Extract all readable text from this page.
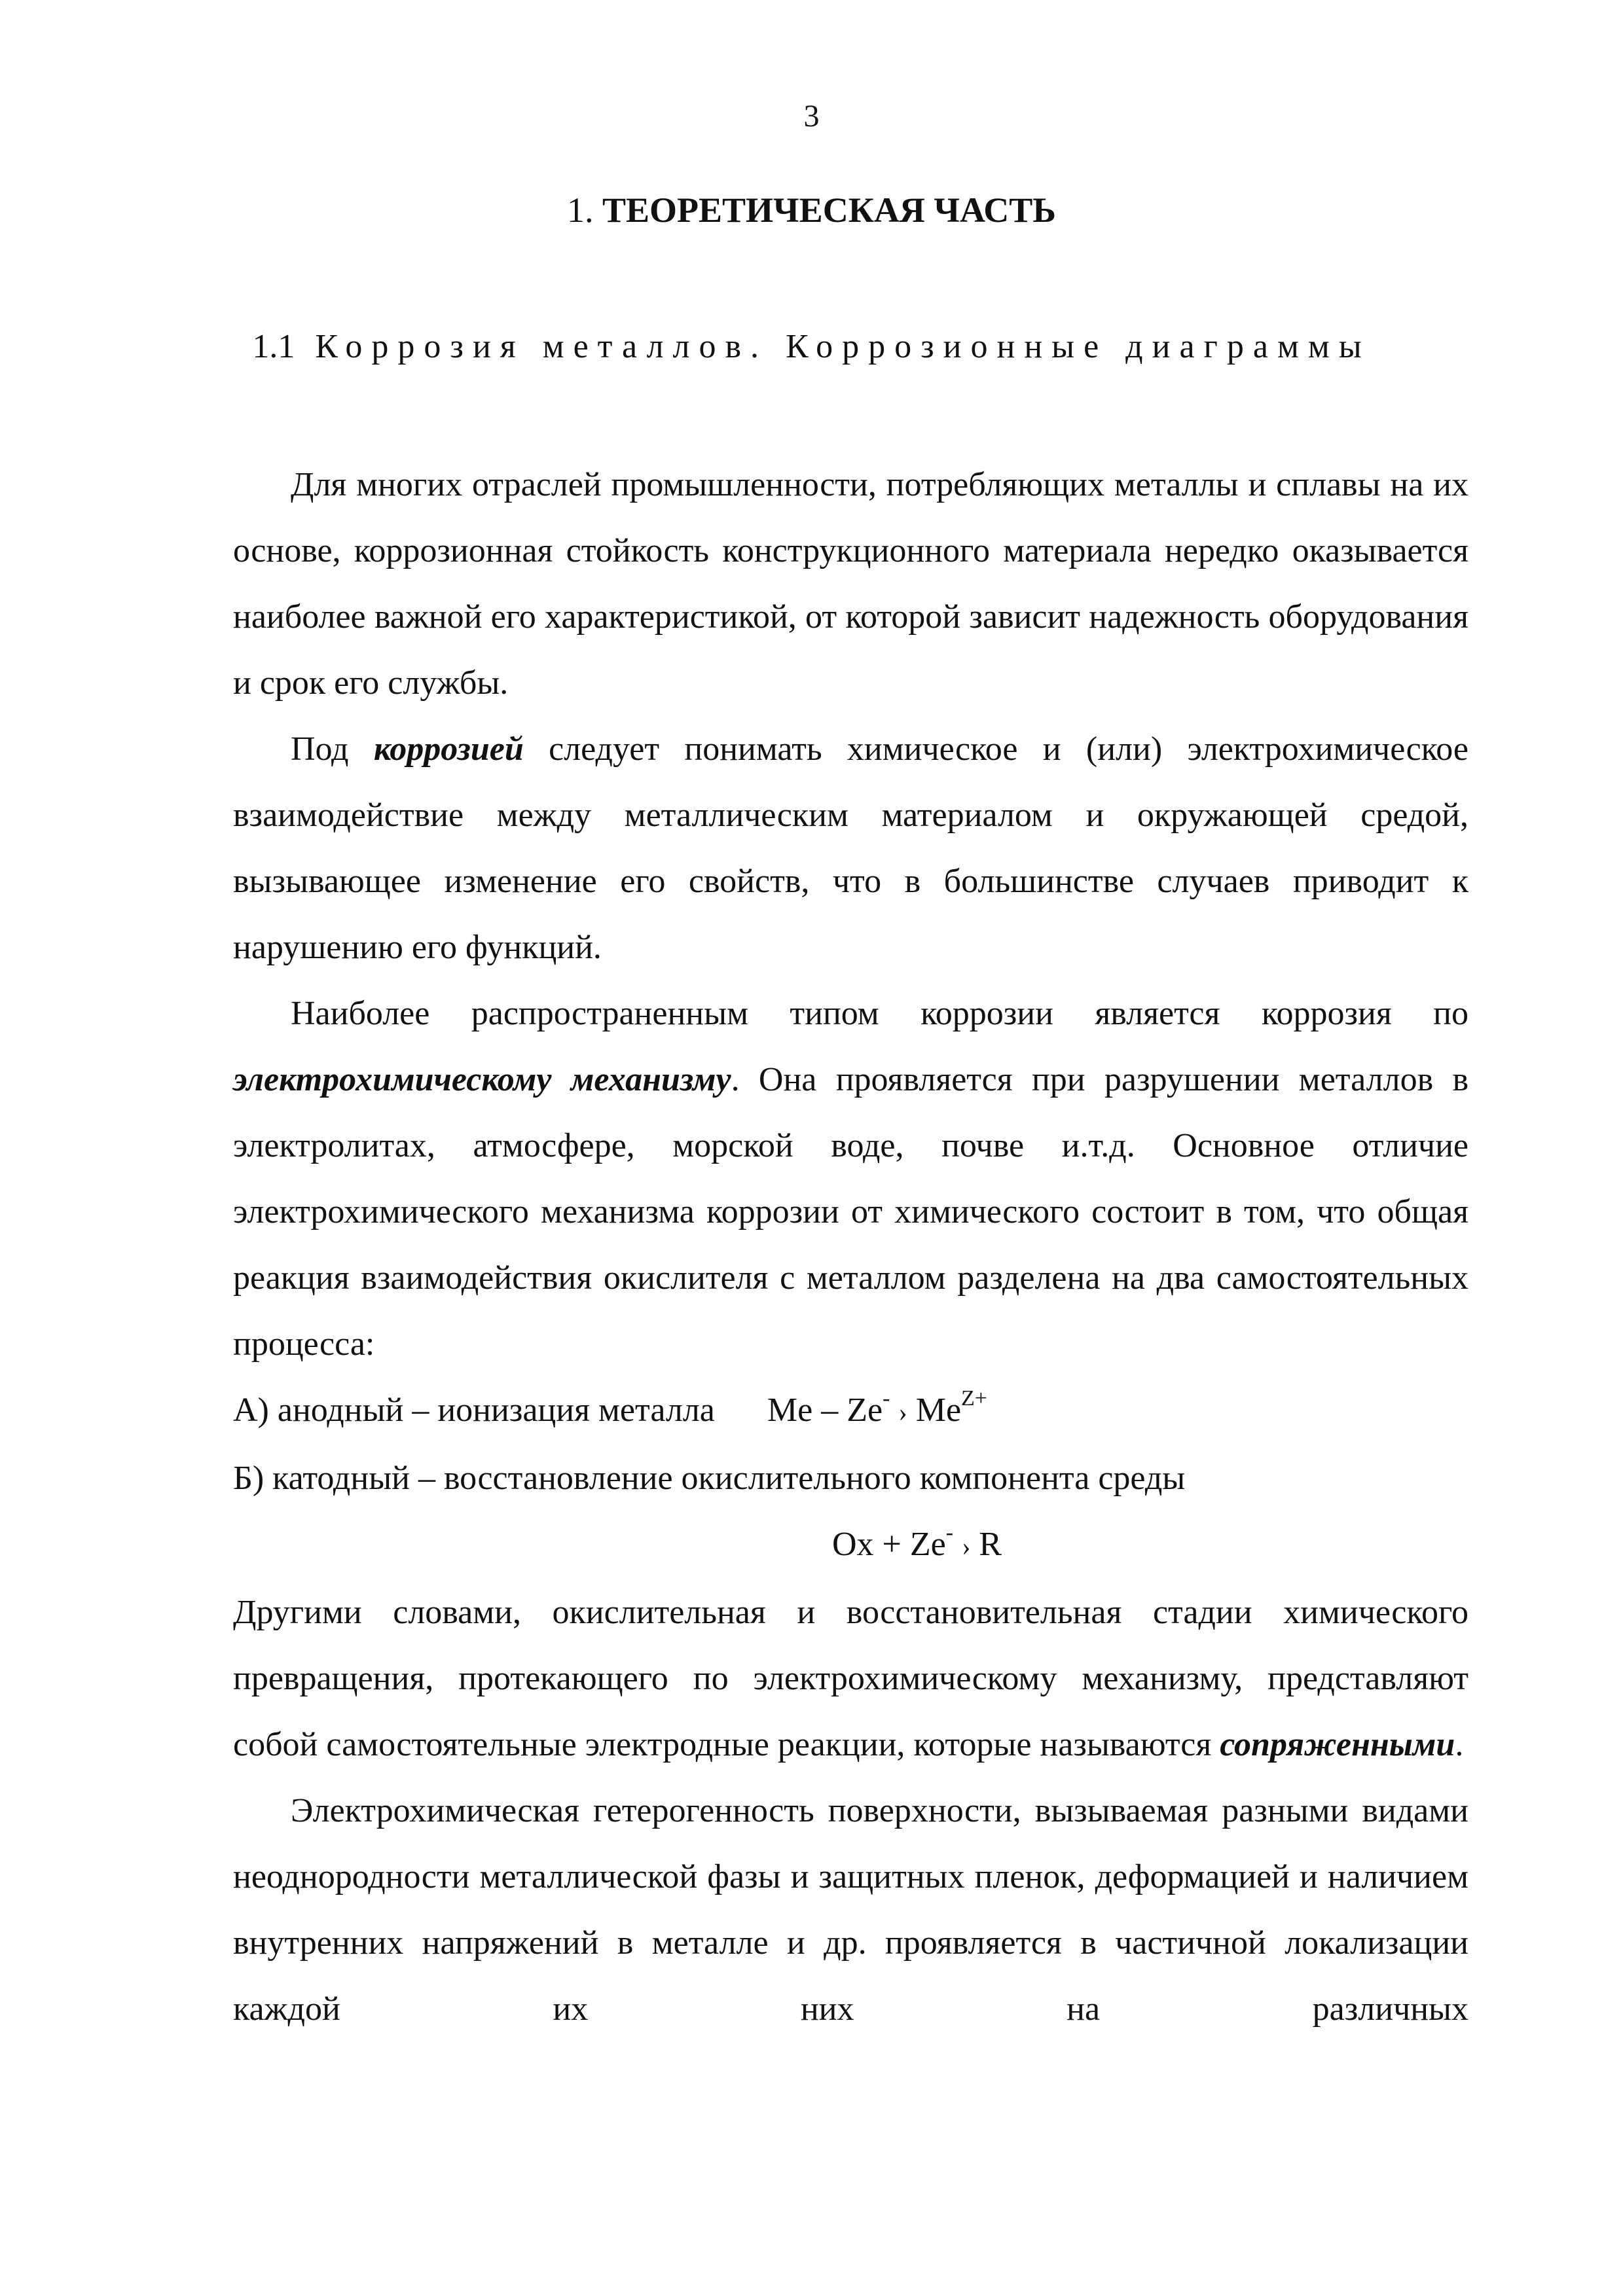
3
1. ТЕОРЕТИЧЕСКАЯ ЧАСТЬ
1.1 Коррозия металлов. Коррозионные диаграммы

Для многих отраслей промышленности, потребляющих металлы и сплавы на их основе, коррозионная стойкость конструкционного материала нередко оказывается наиболее важной его характеристикой, от которой зависит надежность оборудования и срок его службы.

Под коррозией следует понимать химическое и (или) электрохимическое взаимодействие между металлическим материалом и окружающей средой, вызывающее изменение его свойств, что в большинстве случаев приводит к нарушению его функций.

Наиболее распространенным типом коррозии является коррозия по электрохимическому механизму. Она проявляется при разрушении металлов в электролитах, атмосфере, морской воде, почве и.т.д. Основное отличие электрохимического механизма коррозии от химического состоит в том, что общая реакция взаимодействия окислителя с металлом разделена на два самостоятельных процесса:

А) анодный – ионизация металла Me – Ze- › $Me^{Z+}$
Б) катодный – восстановление окислительного компонента среды
Ox + Ze- › R

Другими словами, окислительная и восстановительная стадии химического превращения, протекающего по электрохимическому механизму, представляют собой самостоятельные электродные реакции, которые называются сопряженными.

Электрохимическая гетерогенность поверхности, вызываемая разными видами неоднородности металлической фазы и защитных пленок, деформацией и наличием внутренних напряжений в металле и др. проявляется в частичной локализации каждой их них на различных
